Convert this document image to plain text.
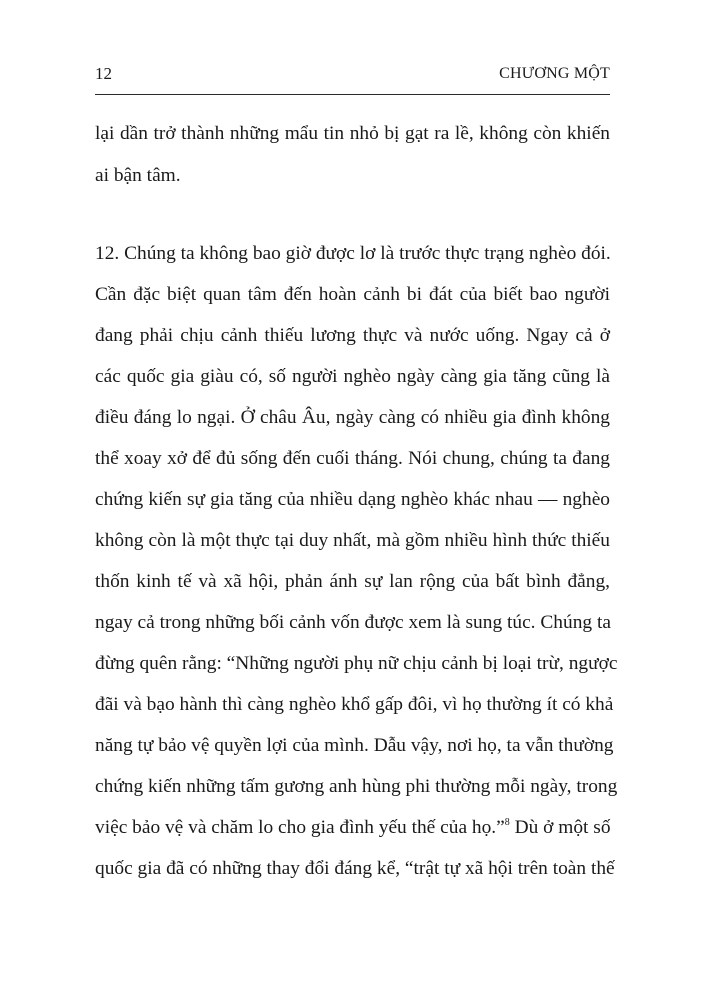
12	CHƯƠNG MỘT
lại dần trở thành những mẩu tin nhỏ bị gạt ra lề, không còn khiến
ai bận tâm.
12. Chúng ta không bao giờ được lơ là trước thực trạng nghèo đói.
Cần đặc biệt quan tâm đến hoàn cảnh bi đát của biết bao người
đang phải chịu cảnh thiếu lương thực và nước uống. Ngay cả ở
các quốc gia giàu có, số người nghèo ngày càng gia tăng cũng là
điều đáng lo ngại. Ở châu Âu, ngày càng có nhiều gia đình không
thể xoay xở để đủ sống đến cuối tháng. Nói chung, chúng ta đang
chứng kiến sự gia tăng của nhiều dạng nghèo khác nhau — nghèo
không còn là một thực tại duy nhất, mà gồm nhiều hình thức thiếu
thốn kinh tế và xã hội, phản ánh sự lan rộng của bất bình đẳng,
ngay cả trong những bối cảnh vốn được xem là sung túc. Chúng ta
đừng quên rằng: “Những người phụ nữ chịu cảnh bị loại trừ, ngược
đãi và bạo hành thì càng nghèo khổ gấp đôi, vì họ thường ít có khả
năng tự bảo vệ quyền lợi của mình. Dẫu vậy, nơi họ, ta vẫn thường
chứng kiến những tấm gương anh hùng phi thường mỗi ngày, trong
việc bảo vệ và chăm lo cho gia đình yếu thế của họ.”$^8$ Dù ở một số
quốc gia đã có những thay đổi đáng kể, “trật tự xã hội trên toàn thế
